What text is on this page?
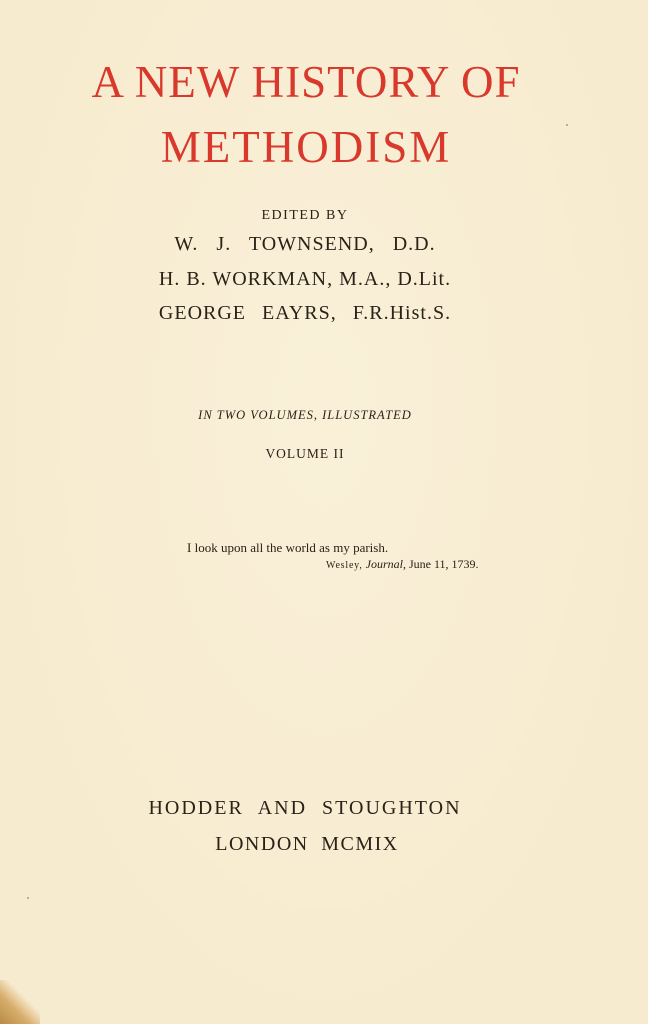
A NEW HISTORY OF
METHODISM
EDITED BY
W. J. TOWNSEND, D.D.
H. B. WORKMAN, M.A., D.Lit.
GEORGE EAYRS, F.R.Hist.S.
IN TWO VOLUMES, ILLUSTRATED
VOLUME II
I look upon all the world as my parish.
Wesley, Journal, June 11, 1739.
HODDER AND STOUGHTON
LONDON MCMIX
